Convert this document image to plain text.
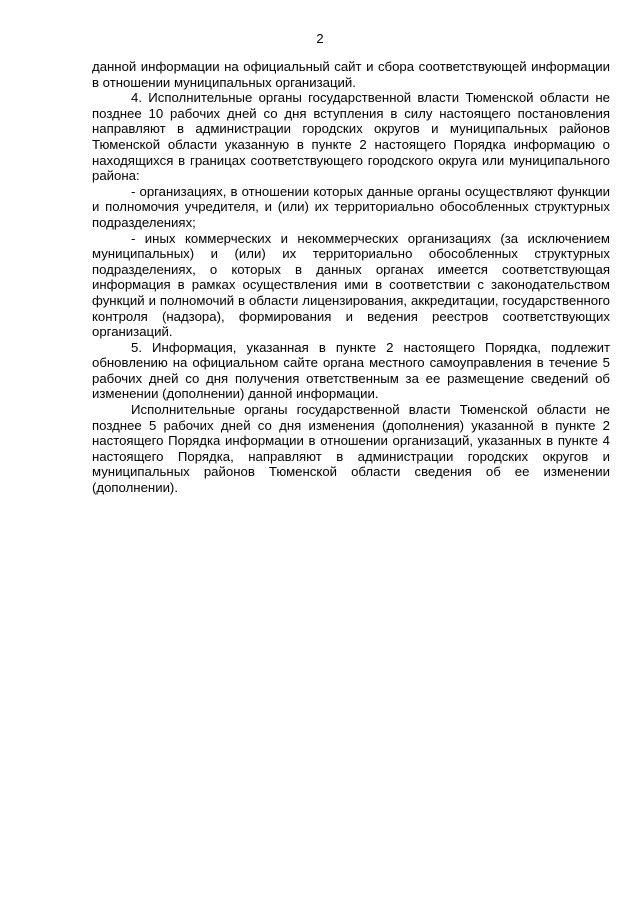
2

данной информации на официальный сайт и сбора соответствующей информации в отношении муниципальных организаций.

4. Исполнительные органы государственной власти Тюменской области не позднее 10 рабочих дней со дня вступления в силу настоящего постановления направляют в администрации городских округов и муниципальных районов Тюменской области указанную в пункте 2 настоящего Порядка информацию о находящихся в границах соответствующего городского округа или муниципального района:

- организациях, в отношении которых данные органы осуществляют функции и полномочия учредителя, и (или) их территориально обособленных структурных подразделениях;

- иных коммерческих и некоммерческих организациях (за исключением муниципальных) и (или) их территориально обособленных структурных подразделениях, о которых в данных органах имеется соответствующая информация в рамках осуществления ими в соответствии с законодательством функций и полномочий в области лицензирования, аккредитации, государственного контроля (надзора), формирования и ведения реестров соответствующих организаций.

5. Информация, указанная в пункте 2 настоящего Порядка, подлежит обновлению на официальном сайте органа местного самоуправления в течение 5 рабочих дней со дня получения ответственным за ее размещение сведений об изменении (дополнении) данной информации.

Исполнительные органы государственной власти Тюменской области не позднее 5 рабочих дней со дня изменения (дополнения) указанной в пункте 2 настоящего Порядка информации в отношении организаций, указанных в пункте 4 настоящего Порядка, направляют в администрации городских округов и муниципальных районов Тюменской области сведения об ее изменении (дополнении).
